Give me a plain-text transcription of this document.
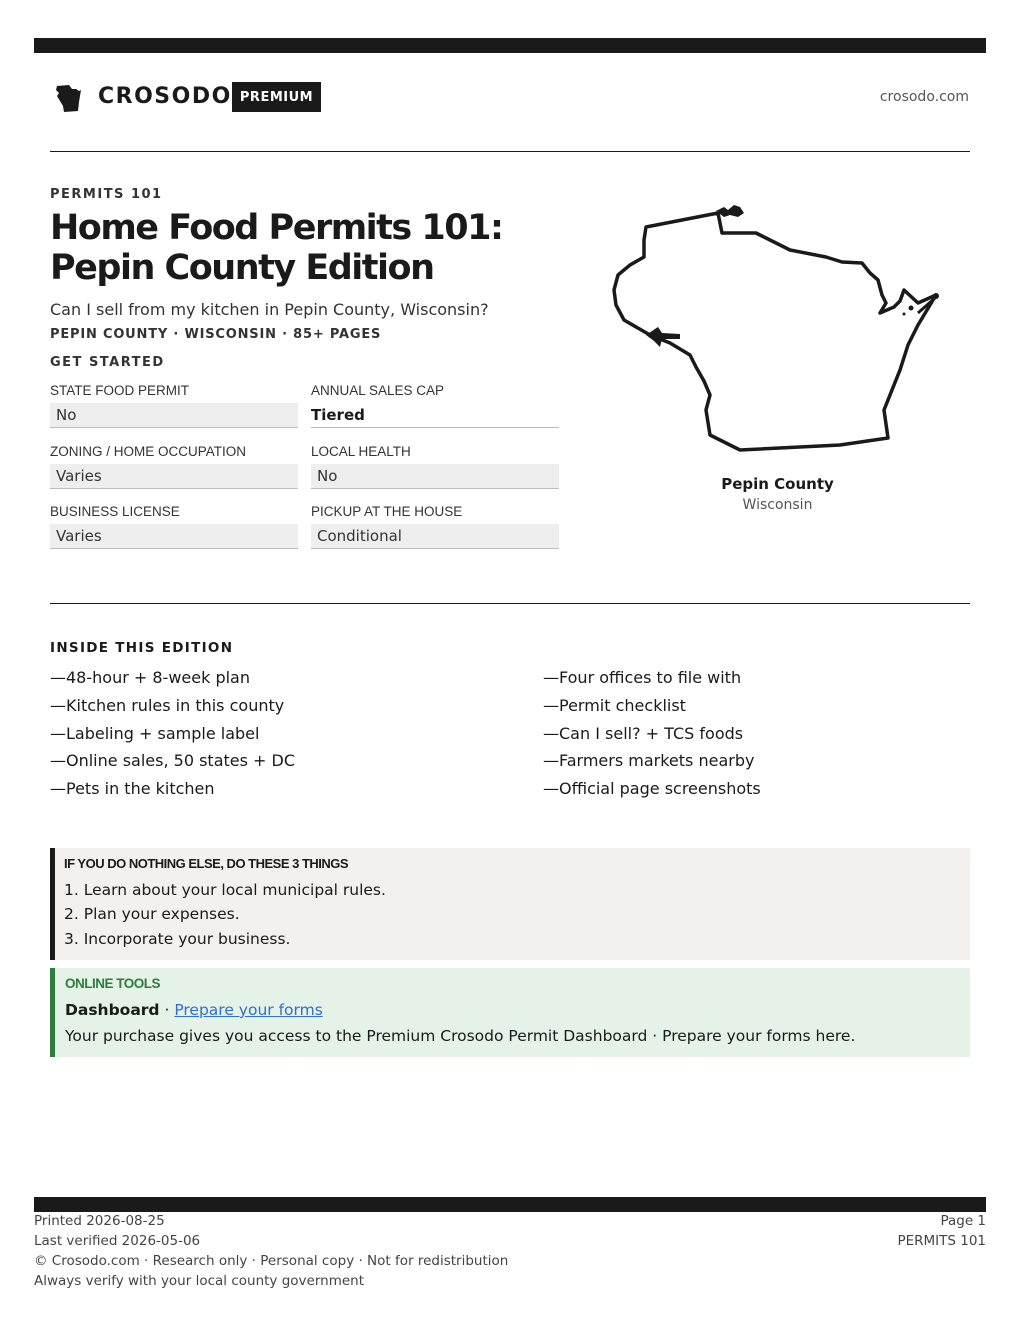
CROSODO PREMIUM	crosodo.com
PERMITS 101
Home Food Permits 101: Pepin County Edition
Can I sell from my kitchen in Pepin County, Wisconsin?
PEPIN COUNTY · WISCONSIN · 85+ PAGES
GET STARTED
STATE FOOD PERMIT
No
ANNUAL SALES CAP
Tiered
ZONING / HOME OCCUPATION
Varies
LOCAL HEALTH
No
BUSINESS LICENSE
Varies
PICKUP AT THE HOUSE
Conditional
Pepin County
Wisconsin
INSIDE THIS EDITION
—48-hour + 8-week plan
—Kitchen rules in this county
—Labeling + sample label
—Online sales, 50 states + DC
—Pets in the kitchen
—Four offices to file with
—Permit checklist
—Can I sell? + TCS foods
—Farmers markets nearby
—Official page screenshots
IF YOU DO NOTHING ELSE, DO THESE 3 THINGS
1. Learn about your local municipal rules.
2. Plan your expenses.
3. Incorporate your business.
ONLINE TOOLS
Dashboard · Prepare your forms
Your purchase gives you access to the Premium Crosodo Permit Dashboard · Prepare your forms here.
Printed 2026-08-25
Last verified 2026-05-06
© Crosodo.com · Research only · Personal copy · Not for redistribution
Always verify with your local county government
Page 1
PERMITS 101
